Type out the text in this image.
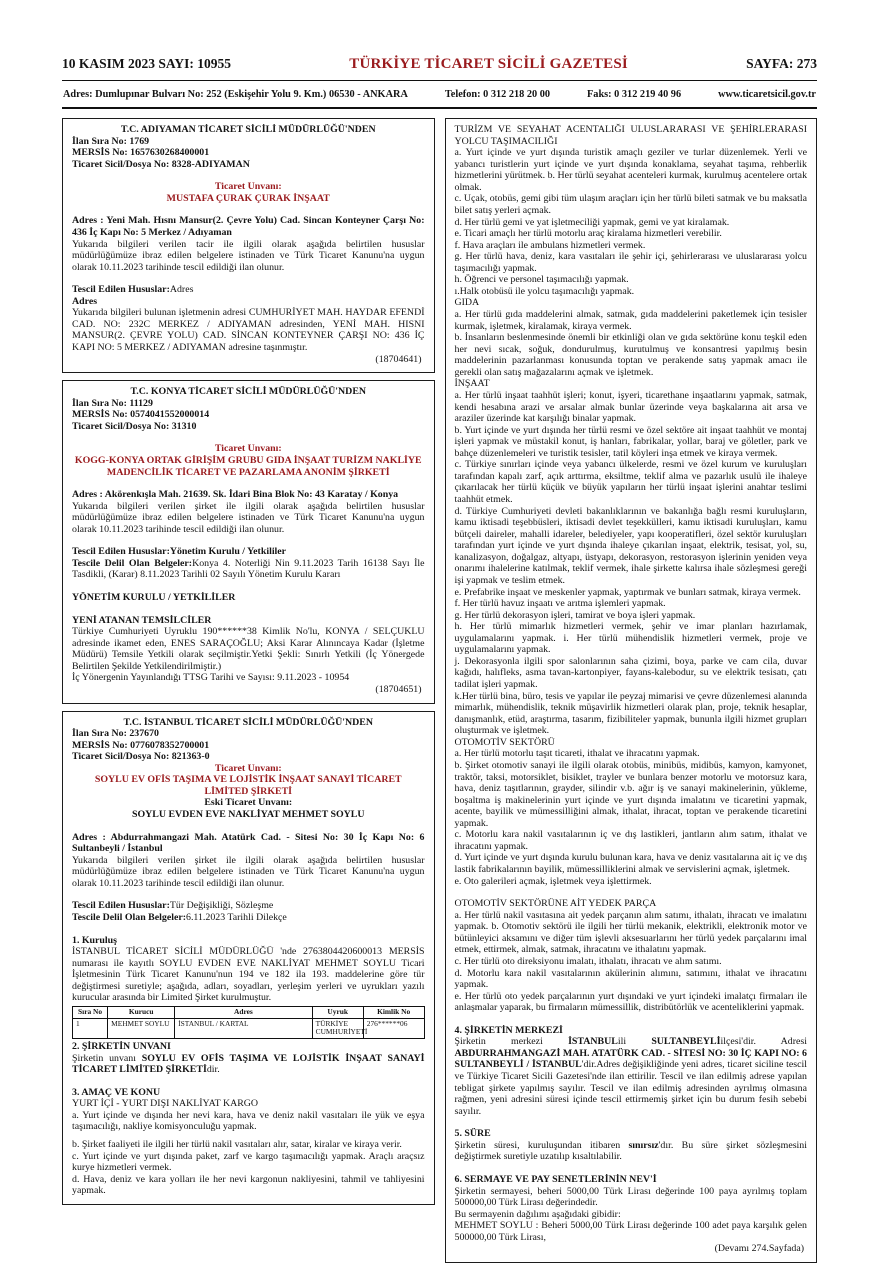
10 KASIM 2023 SAYI: 10955	TÜRKİYE TİCARET SİCİLİ GAZETESİ	SAYFA: 273
Adres: Dumlupınar Bulvarı No: 252 (Eskişehir Yolu 9. Km.) 06530 - ANKARA	Telefon: 0 312 218 20 00	Faks: 0 312 219 40 96	www.ticaretsicil.gov.tr

T.C. ADIYAMAN TİCARET SİCİLİ MÜDÜRLÜĞÜ'NDEN

İlan Sıra No: 1769

MERSİS No: 1657630268400001

Ticaret Sicil/Dosya No: 8328-ADIYAMAN

Ticaret Unvanı:

MUSTAFA ÇURAK ÇURAK İNŞAAT

Adres : Yeni Mah. Hısnı Mansur(2. Çevre Yolu) Cad. Sincan Konteyner Çarşı No: 436 İç Kapı No: 5 Merkez / Adıyaman

Yukarıda bilgileri verilen tacir ile ilgili olarak aşağıda belirtilen hususlar müdürlüğümüze ibraz edilen belgelere istinaden ve Türk Ticaret Kanunu'na uygun olarak 10.11.2023 tarihinde tescil edildiği ilan olunur.

Tescil Edilen Hususlar:Adres

Adres

Yukarıda bilgileri bulunan işletmenin adresi CUMHURİYET MAH. HAYDAR EFENDİ CAD. NO: 232C MERKEZ / ADIYAMAN adresinden, YENİ MAH. HISNI MANSUR(2. ÇEVRE YOLU) CAD. SİNCAN KONTEYNER ÇARŞI NO: 436 İÇ KAPI NO: 5 MERKEZ / ADIYAMAN adresine taşınmıştır.

(18704641)

T.C. KONYA TİCARET SİCİLİ MÜDÜRLÜĞÜ'NDEN

İlan Sıra No: 11129

MERSİS No: 0574041552000014

Ticaret Sicil/Dosya No: 31310

Ticaret Unvanı:

KOGG-KONYA ORTAK GİRİŞİM GRUBU GIDA İNŞAAT TURİZM NAKLİYE MADENCİLİK TİCARET VE PAZARLAMA ANONİM ŞİRKETİ

Adres : Akörenkışla Mah. 21639. Sk. İdari Bina Blok No: 43 Karatay / Konya

Yukarıda bilgileri verilen şirket ile ilgili olarak aşağıda belirtilen hususlar müdürlüğümüze ibraz edilen belgelere istinaden ve Türk Ticaret Kanunu'na uygun olarak 10.11.2023 tarihinde tescil edildiği ilan olunur.

Tescil Edilen Hususlar:Yönetim Kurulu / Yetkililer

Tescile Delil Olan Belgeler:Konya 4. Noterliği Nin 9.11.2023 Tarih 16138 Sayı İle Tasdikli, (Karar) 8.11.2023 Tarihli 02 Sayılı Yönetim Kurulu Kararı

YÖNETİM KURULU / YETKİLİLER

YENİ ATANAN TEMSİLCİLER

Türkiye Cumhuriyeti Uyruklu 190******38 Kimlik No'lu, KONYA / SELÇUKLU adresinde ikamet eden, ENES SARAÇOĞLU; Aksi Karar Alınıncaya Kadar (İşletme Müdürü) Temsile Yetkili olarak seçilmiştir.Yetki Şekli: Sınırlı Yetkili (İç Yönergede Belirtilen Şekilde Yetkilendirilmiştir.)

İç Yönergenin Yayınlandığı TTSG Tarihi ve Sayısı: 9.11.2023 - 10954

(18704651)

T.C. İSTANBUL TİCARET SİCİLİ MÜDÜRLÜĞÜ'NDEN

İlan Sıra No: 237670

MERSİS No: 0776078352700001

Ticaret Sicil/Dosya No: 821363-0

Ticaret Unvanı:

SOYLU EV OFİS TAŞIMA VE LOJİSTİK İNŞAAT SANAYİ TİCARET LİMİTED ŞİRKETİ

Eski Ticaret Unvanı:

SOYLU EVDEN EVE NAKLİYAT MEHMET SOYLU

Adres : Abdurrahmangazi Mah. Atatürk Cad. - Sitesi No: 30 İç Kapı No: 6 Sultanbeyli / İstanbul

Yukarıda bilgileri verilen şirket ile ilgili olarak aşağıda belirtilen hususlar müdürlüğümüze ibraz edilen belgelere istinaden ve Türk Ticaret Kanunu'na uygun olarak 10.11.2023 tarihinde tescil edildiği ilan olunur.

Tescil Edilen Hususlar:Tür Değişikliği, Sözleşme

Tescile Delil Olan Belgeler:6.11.2023 Tarihli Dilekçe

1. Kuruluş

İSTANBUL TİCARET SİCİLİ MÜDÜRLÜĞÜ 'nde 2763804420600013 MERSİS numarası ile kayıtlı SOYLU EVDEN EVE NAKLİYAT MEHMET SOYLU Ticari İşletmesinin Türk Ticaret Kanunu'nun 194 ve 182 ila 193. maddelerine göre tür değiştirmesi suretiyle; aşağıda, adları, soyadları, yerleşim yerleri ve uyrukları yazılı kurucular arasında bir Limited Şirket kurulmuştur.

Sıra No	Kurucu	Adres	Uyruk	Kimlik No
1	MEHMET SOYLU	İSTANBUL / KARTAL	TÜRKİYE CUMHURİYETİ	276******06

2. ŞİRKETİN UNVANI

Şirketin unvanı SOYLU EV OFİS TAŞIMA VE LOJİSTİK İNŞAAT SANAYİ TİCARET LİMİTED ŞİRKETİdir.

3. AMAÇ VE KONU

YURT İÇİ - YURT DIŞI NAKLİYAT KARGO

a. Yurt içinde ve dışında her nevi kara, hava ve deniz nakil vasıtaları ile yük ve eşya taşımacılığı, nakliye komisyonculuğu yapmak.

b. Şirket faaliyeti ile ilgili her türlü nakil vasıtaları alır, satar, kiralar ve kiraya verir.

c. Yurt içinde ve yurt dışında paket, zarf ve kargo taşımacılığı yapmak. Araçlı araçsız kurye hizmetleri vermek.

d. Hava, deniz ve kara yolları ile her nevi kargonun nakliyesini, tahmil ve tahliyesini yapmak.

TURİZM VE SEYAHAT ACENTALIĞI ULUSLARARASI VE ŞEHİRLERARASI YOLCU TAŞIMACILIĞI

a. Yurt içinde ve yurt dışında turistik amaçlı geziler ve turlar düzenlemek. Yerli ve yabancı turistlerin yurt içinde ve yurt dışında konaklama, seyahat taşıma, rehberlik hizmetlerini yürütmek. b. Her türlü seyahat acenteleri kurmak, kurulmuş acentelere ortak olmak.

c. Uçak, otobüs, gemi gibi tüm ulaşım araçları için her türlü bileti satmak ve bu maksatla bilet satış yerleri açmak.

d. Her türlü gemi ve yat işletmeciliği yapmak, gemi ve yat kiralamak.

e. Ticari amaçlı her türlü motorlu araç kiralama hizmetleri verebilir.

f. Hava araçları ile ambulans hizmetleri vermek.

g. Her türlü hava, deniz, kara vasıtaları ile şehir içi, şehirlerarası ve uluslararası yolcu taşımacılığı yapmak.

h. Öğrenci ve personel taşımacılığı yapmak.

ı.Halk otobüsü ile yolcu taşımacılığı yapmak.

GIDA

a. Her türlü gıda maddelerini almak, satmak, gıda maddelerini paketlemek için tesisler kurmak, işletmek, kiralamak, kiraya vermek.

b. İnsanların beslenmesinde önemli bir etkinliği olan ve gıda sektörüne konu teşkil eden her nevi sıcak, soğuk, dondurulmuş, kurutulmuş ve konsantresi yapılmış besin maddelerinin pazarlanması konusunda toptan ve perakende satış yapmak amacı ile gerekli olan satış mağazalarını açmak ve işletmek.

İNŞAAT

a. Her türlü inşaat taahhüt işleri; konut, işyeri, ticarethane inşaatlarını yapmak, satmak, kendi hesabına arazi ve arsalar almak bunlar üzerinde veya başkalarına ait arsa ve araziler üzerinde kat karşılığı binalar yapmak.

b. Yurt içinde ve yurt dışında her türlü resmi ve özel sektöre ait inşaat taahhüt ve montaj işleri yapmak ve müstakil konut, iş hanları, fabrikalar, yollar, baraj ve göletler, park ve bahçe düzenlemeleri ve turistik tesisler, tatil köyleri inşa etmek ve kiraya vermek.

c. Türkiye sınırları içinde veya yabancı ülkelerde, resmi ve özel kurum ve kuruluşları tarafından kapalı zarf, açık arttırma, eksiltme, teklif alma ve pazarlık usulü ile ihaleye çıkarılacak her türlü küçük ve büyük yapıların her türlü inşaat işlerini anahtar teslimi taahhüt etmek.

d. Türkiye Cumhuriyeti devleti bakanlıklarının ve bakanlığa bağlı resmi kuruluşların, kamu iktisadi teşebbüsleri, iktisadi devlet teşekkülleri, kamu iktisadi kuruluşları, kamu bütçeli daireler, mahalli idareler, belediyeler, yapı kooperatifleri, özel sektör kuruluşları tarafından yurt içinde ve yurt dışında ihaleye çıkarılan inşaat, elektrik, tesisat, yol, su, kanalizasyon, doğalgaz, altyapı, üstyapı, dekorasyon, restorasyon işlerinin yeniden veya onarımı ihalelerine katılmak, teklif vermek, ihale şirkette kalırsa ihale sözleşmesi gereği işi yapmak ve teslim etmek.

e. Prefabrike inşaat ve meskenler yapmak, yaptırmak ve bunları satmak, kiraya vermek.

f. Her türlü havuz inşaatı ve arıtma işlemleri yapmak.

g. Her türlü dekorasyon işleri, tamirat ve boya işleri yapmak.

h. Her türlü mimarlık hizmetleri vermek, şehir ve imar planları hazırlamak, uygulamalarını yapmak. i. Her türlü mühendislik hizmetleri vermek, proje ve uygulamalarını yapmak.

j. Dekorasyonla ilgili spor salonlarının saha çizimi, boya, parke ve cam cila, duvar kağıdı, halıfleks, asma tavan-kartonpiyer, fayans-kalebodur, su ve elektrik tesisatı, çatı tadilat işleri yapmak.

k.Her türlü bina, büro, tesis ve yapılar ile peyzaj mimarisi ve çevre düzenlemesi alanında mimarlık, mühendislik, teknik müşavirlik hizmetleri olarak plan, proje, teknik hesaplar, danışmanlık, etüd, araştırma, tasarım, fizibiliteler yapmak, bununla ilgili hizmet grupları oluşturmak ve işletmek.

OTOMOTİV SEKTÖRÜ

a. Her türlü motorlu taşıt ticareti, ithalat ve ihracatını yapmak.

b. Şirket otomotiv sanayi ile ilgili olarak otobüs, minibüs, midibüs, kamyon, kamyonet, traktör, taksi, motorsiklet, bisiklet, trayler ve bunlara benzer motorlu ve motorsuz kara, hava, deniz taşıtlarının, grayder, silindir v.b. ağır iş ve sanayi makinelerinin, yükleme, boşaltma iş makinelerinin yurt içinde ve yurt dışında imalatını ve ticaretini yapmak, acente, bayilik ve mümessilliğini almak, ithalat, ihracat, toptan ve perakende ticaretini yapmak.

c. Motorlu kara nakil vasıtalarının iç ve dış lastikleri, jantların alım satım, ithalat ve ihracatını yapmak.

d. Yurt içinde ve yurt dışında kurulu bulunan kara, hava ve deniz vasıtalarına ait iç ve dış lastik fabrikalarının bayilik, mümessilliklerini almak ve servislerini açmak, işletmek.

e. Oto galerileri açmak, işletmek veya işlettirmek.

OTOMOTİV SEKTÖRÜNE AİT YEDEK PARÇA

a. Her türlü nakil vasıtasına ait yedek parçanın alım satımı, ithalatı, ihracatı ve imalatını yapmak. b. Otomotiv sektörü ile ilgili her türlü mekanik, elektrikli, elektronik motor ve bütünleyici aksamını ve diğer tüm işlevli aksesuarlarını her türlü yedek parçalarını imal etmek, ettirmek, almak, satmak, ihracatını ve ithalatını yapmak.

c. Her türlü oto direksiyonu imalatı, ithalatı, ihracatı ve alım satımı.

d. Motorlu kara nakil vasıtalarının akülerinin alımını, satımını, ithalat ve ihracatını yapmak.

e. Her türlü oto yedek parçalarının yurt dışındaki ve yurt içindeki imalatçı firmaları ile anlaşmalar yaparak, bu firmaların mümessillik, distribütörlük ve acenteliklerini yapmak.

4. ŞİRKETİN MERKEZİ

Şirketin merkezi İSTANBULili SULTANBEYLİilçesi'dir. Adresi ABDURRAHMANGAZİ MAH. ATATÜRK CAD. - SİTESİ NO: 30 İÇ KAPI NO: 6 SULTANBEYLİ / İSTANBUL'dir.Adres değişikliğinde yeni adres, ticaret siciline tescil ve Türkiye Ticaret Sicili Gazetesi'nde ilan ettirilir. Tescil ve ilan edilmiş adrese yapılan tebligat şirkete yapılmış sayılır. Tescil ve ilan edilmiş adresinden ayrılmış olmasına rağmen, yeni adresini süresi içinde tescil ettirmemiş şirket için bu durum fesih sebebi sayılır.

5. SÜRE

Şirketin süresi, kuruluşundan itibaren sınırsız'dır. Bu süre şirket sözleşmesini değiştirmek suretiyle uzatılıp kısaltılabilir.

6. SERMAYE VE PAY SENETLERİNİN NEV'İ

Şirketin sermayesi, beheri 5000,00 Türk Lirası değerinde 100 paya ayrılmış toplam 500000,00 Türk Lirası değerindedir.

Bu sermayenin dağılımı aşağıdaki gibidir:

MEHMET SOYLU : Beheri 5000,00 Türk Lirası değerinde 100 adet paya karşılık gelen 500000,00 Türk Lirası,

(Devamı 274.Sayfada)
